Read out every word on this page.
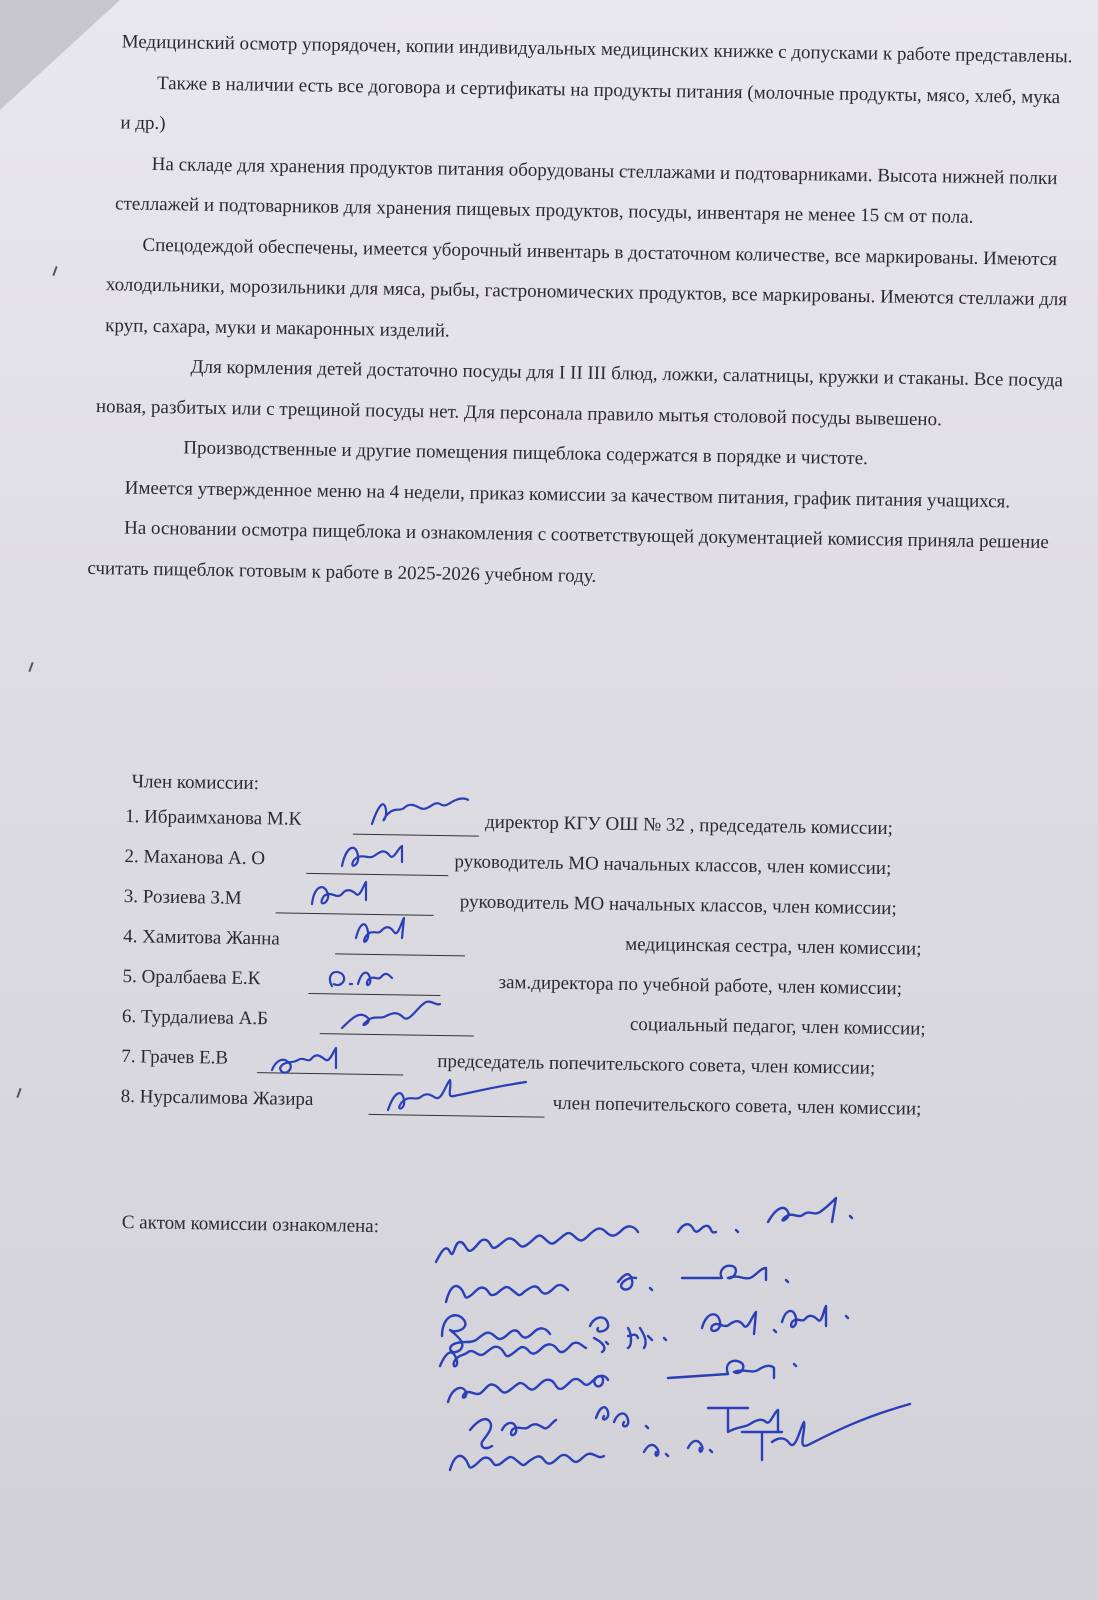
Медицинский осмотр упорядочен, копии индивидуальных медицинских книжке с допусками к работе представлены.

Также в наличии есть все договора и сертификаты на продукты питания (молочные продукты, мясо, хлеб, мука и др.)

На складе для хранения продуктов питания оборудованы стеллажами и подтоварниками. Высота нижней полки стеллажей и подтоварников для хранения пищевых продуктов, посуды, инвентаря не менее 15 см от пола.

Спецодеждой обеспечены, имеется уборочный инвентарь в достаточном количестве, все маркированы. Имеются холодильники, морозильники для мяса, рыбы, гастрономических продуктов, все маркированы. Имеются стеллажи для круп, сахара, муки и макаронных изделий.

Для кормления детей достаточно посуды для I II III блюд, ложки, салатницы, кружки и стаканы. Все посуда новая, разбитых или с трещиной посуды нет. Для персонала правило мытья столовой посуды вывешено.

Производственные и другие помещения пищеблока содержатся в порядке и чистоте.

Имеется утвержденное меню на 4 недели, приказ комиссии за качеством питания, график питания учащихся.

На основании осмотра пищеблока и ознакомления с соответствующей документацией комиссия приняла решение считать пищеблок готовым к работе в 2025-2026 учебном году.

Член комиссии:
1. Ибраимханова М.К	директор КГУ ОШ № 32 , председатель комиссии;
2. Маханова А. О	руководитель МО начальных классов, член комиссии;
3. Розиева З.М	руководитель МО начальных классов, член комиссии;
4. Хамитова Жанна	медицинская сестра, член комиссии;
5. Оралбаева Е.К	зам.директора по учебной работе, член комиссии;
6. Турдалиева А.Б	социальный педагог, член комиссии;
7. Грачев Е.В	председатель попечительского совета, член комиссии;
8. Нурсалимова Жазира	член попечительского совета, член комиссии;
С актом комиссии ознакомлена:
